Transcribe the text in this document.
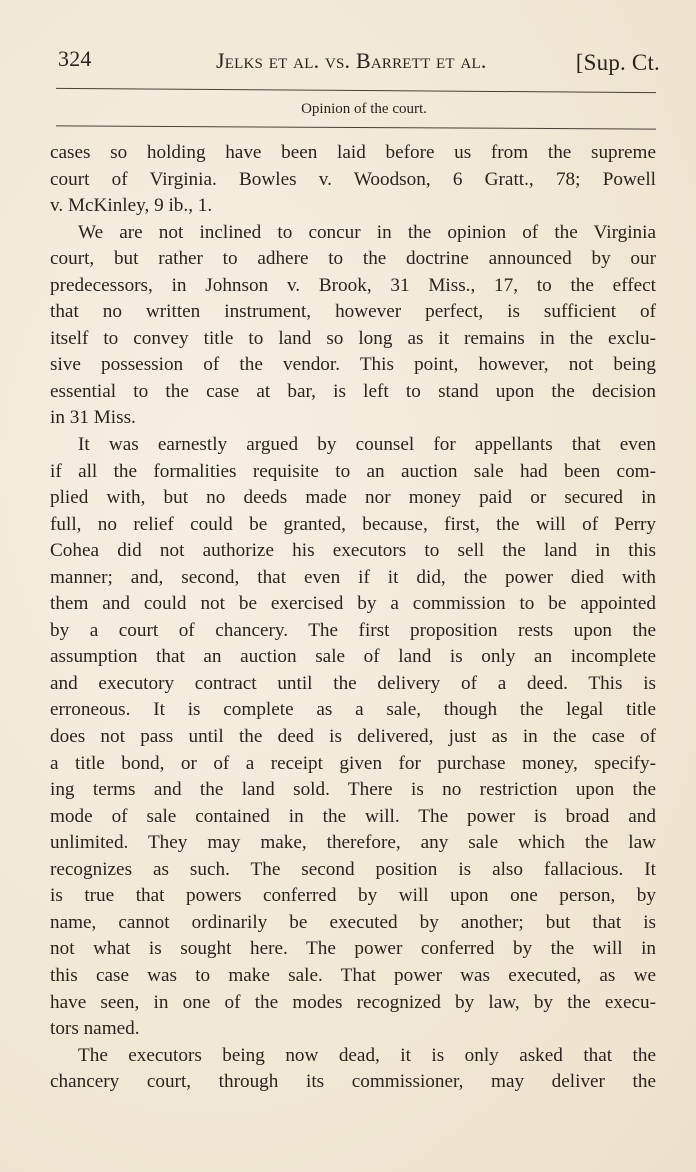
324	Jelks et al. vs. Barrett et al.	[Sup. Ct.
Opinion of the court.
cases so holding have been laid before us from the supreme
court of Virginia. Bowles v. Woodson, 6 Gratt., 78; Powell
v. McKinley, 9 ib., 1.
We are not inclined to concur in the opinion of the Virginia
court, but rather to adhere to the doctrine announced by our
predecessors, in Johnson v. Brook, 31 Miss., 17, to the effect
that no written instrument, however perfect, is sufficient of
itself to convey title to land so long as it remains in the exclu-
sive possession of the vendor. This point, however, not being
essential to the case at bar, is left to stand upon the decision
in 31 Miss.
It was earnestly argued by counsel for appellants that even
if all the formalities requisite to an auction sale had been com-
plied with, but no deeds made nor money paid or secured in
full, no relief could be granted, because, first, the will of Perry
Cohea did not authorize his executors to sell the land in this
manner; and, second, that even if it did, the power died with
them and could not be exercised by a commission to be appointed
by a court of chancery. The first proposition rests upon the
assumption that an auction sale of land is only an incomplete
and executory contract until the delivery of a deed. This is
erroneous. It is complete as a sale, though the legal title
does not pass until the deed is delivered, just as in the case of
a title bond, or of a receipt given for purchase money, specify-
ing terms and the land sold. There is no restriction upon the
mode of sale contained in the will. The power is broad and
unlimited. They may make, therefore, any sale which the law
recognizes as such. The second position is also fallacious. It
is true that powers conferred by will upon one person, by
name, cannot ordinarily be executed by another; but that is
not what is sought here. The power conferred by the will in
this case was to make sale. That power was executed, as we
have seen, in one of the modes recognized by law, by the execu-
tors named.
The executors being now dead, it is only asked that the
chancery court, through its commissioner, may deliver the
